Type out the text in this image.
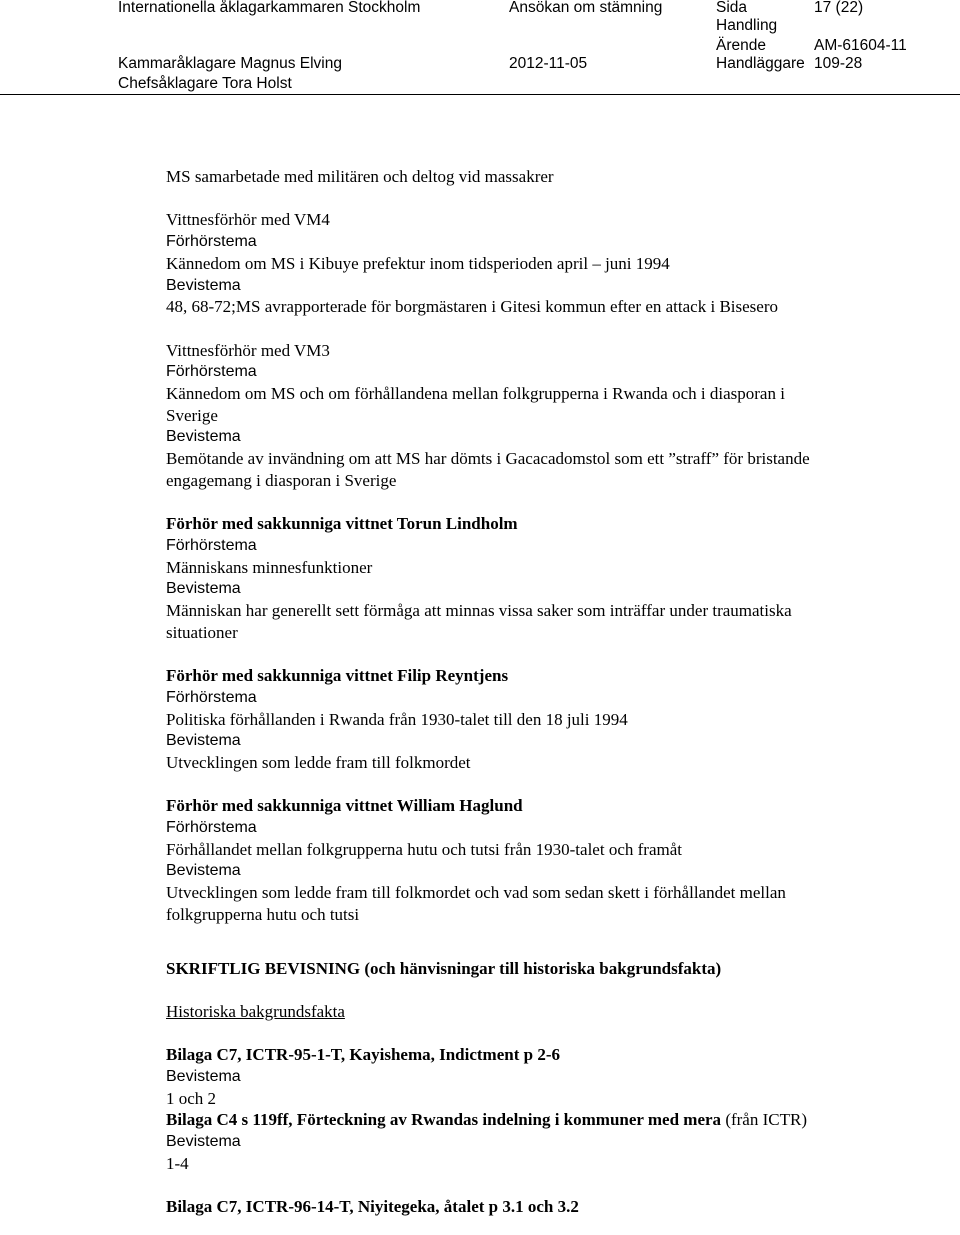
Internationella åklagarkammaren Stockholm	Ansökan om stämning	Sida	17 (22)
Handling
Ärende	AM-61604-11
Kammaråklagare Magnus Elving	2012-11-05	Handläggare 109-28
Chefsåklagare Tora Holst

MS samarbetade med militären och deltog vid massakrer

Vittnesförhör med VM4

Förhörstema

Kännedom om MS i Kibuye prefektur inom tidsperioden april – juni 1994

Bevistema

48, 68-72;MS avrapporterade för borgmästaren i Gitesi kommun efter en attack i Bisesero

Vittnesförhör med VM3

Förhörstema

Kännedom om MS och om förhållandena mellan folkgrupperna i Rwanda och i diasporan i

Sverige

Bevistema

Bemötande av invändning om att MS har dömts i Gacacadomstol som ett ”straff” för bristande

engagemang i diasporan i Sverige

Förhör med sakkunniga vittnet Torun Lindholm

Förhörstema

Människans minnesfunktioner

Bevistema

Människan har generellt sett förmåga att minnas vissa saker som inträffar under traumatiska

situationer

Förhör med sakkunniga vittnet Filip Reyntjens

Förhörstema

Politiska förhållanden i Rwanda från 1930-talet till den 18 juli 1994

Bevistema

Utvecklingen som ledde fram till folkmordet

Förhör med sakkunniga vittnet William Haglund

Förhörstema

Förhållandet mellan folkgrupperna hutu och tutsi från 1930-talet och framåt

Bevistema

Utvecklingen som ledde fram till folkmordet och vad som sedan skett i förhållandet mellan

folkgrupperna hutu och tutsi

SKRIFTLIG BEVISNING (och hänvisningar till historiska bakgrundsfakta)

Historiska bakgrundsfakta

Bilaga C7, ICTR-95-1-T, Kayishema, Indictment p 2-6

Bevistema

1 och 2

Bilaga C4 s 119ff, Förteckning av Rwandas indelning i kommuner med mera (från ICTR)

Bevistema

1-4

Bilaga C7, ICTR-96-14-T, Niyitegeka, åtalet p 3.1 och 3.2
